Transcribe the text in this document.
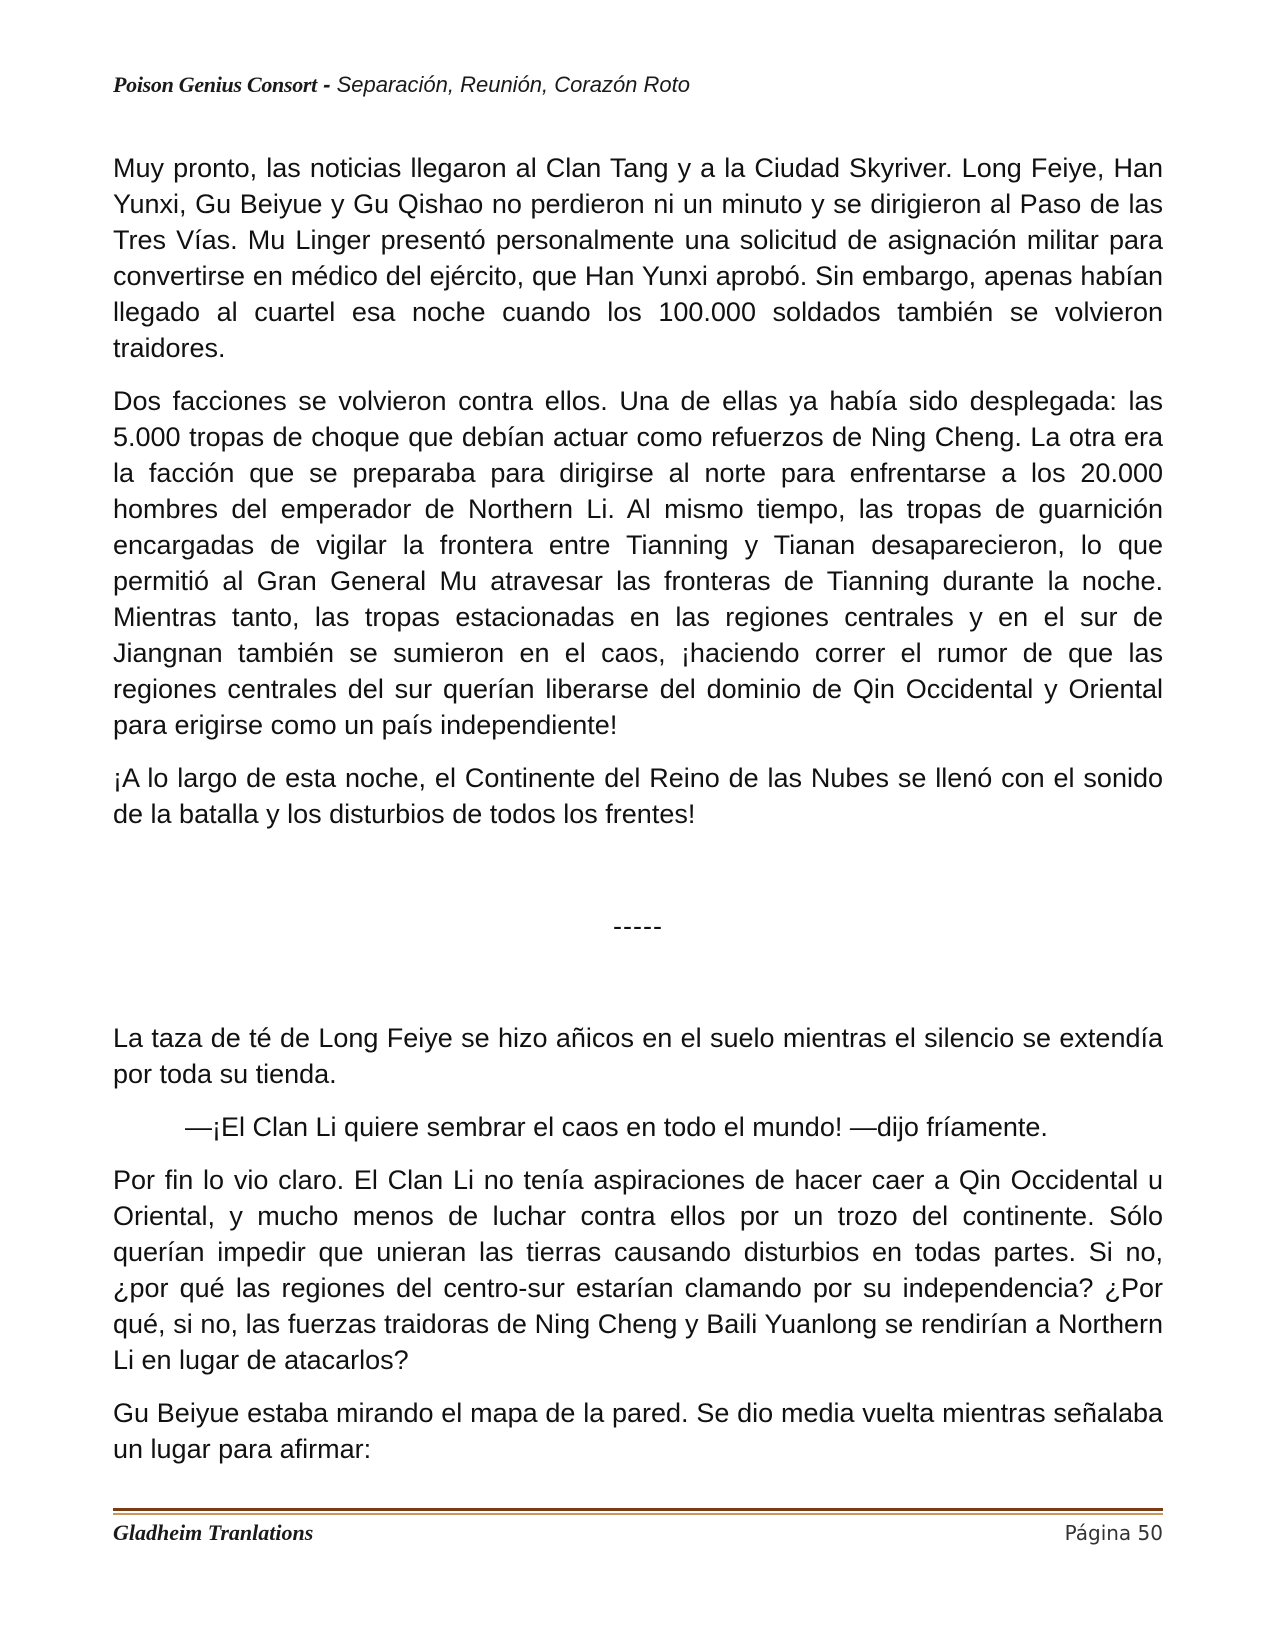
Poison Genius Consort - Separación, Reunión, Corazón Roto

Muy pronto, las noticias llegaron al Clan Tang y a la Ciudad Skyriver. Long Feiye, Han Yunxi, Gu Beiyue y Gu Qishao no perdieron ni un minuto y se dirigieron al Paso de las Tres Vías. Mu Linger presentó personalmente una solicitud de asignación militar para convertirse en médico del ejército, que Han Yunxi aprobó. Sin embargo, apenas habían llegado al cuartel esa noche cuando los 100.000 soldados también se volvieron traidores.

Dos facciones se volvieron contra ellos. Una de ellas ya había sido desplegada: las 5.000 tropas de choque que debían actuar como refuerzos de Ning Cheng. La otra era la facción que se preparaba para dirigirse al norte para enfrentarse a los 20.000 hombres del emperador de Northern Li. Al mismo tiempo, las tropas de guarnición encargadas de vigilar la frontera entre Tianning y Tianan desaparecieron, lo que permitió al Gran General Mu atravesar las fronteras de Tianning durante la noche. Mientras tanto, las tropas estacionadas en las regiones centrales y en el sur de Jiangnan también se sumieron en el caos, ¡haciendo correr el rumor de que las regiones centrales del sur querían liberarse del dominio de Qin Occidental y Oriental para erigirse como un país independiente!

¡A lo largo de esta noche, el Continente del Reino de las Nubes se llenó con el sonido de la batalla y los disturbios de todos los frentes!

-----

La taza de té de Long Feiye se hizo añicos en el suelo mientras el silencio se extendía por toda su tienda.

—¡El Clan Li quiere sembrar el caos en todo el mundo! —dijo fríamente.

Por fin lo vio claro. El Clan Li no tenía aspiraciones de hacer caer a Qin Occidental u Oriental, y mucho menos de luchar contra ellos por un trozo del continente. Sólo querían impedir que unieran las tierras causando disturbios en todas partes. Si no, ¿por qué las regiones del centro-sur estarían clamando por su independencia? ¿Por qué, si no, las fuerzas traidoras de Ning Cheng y Baili Yuanlong se rendirían a Northern Li en lugar de atacarlos?

Gu Beiyue estaba mirando el mapa de la pared. Se dio media vuelta mientras señalaba un lugar para afirmar:

Gladheim Tranlations	Página 50
